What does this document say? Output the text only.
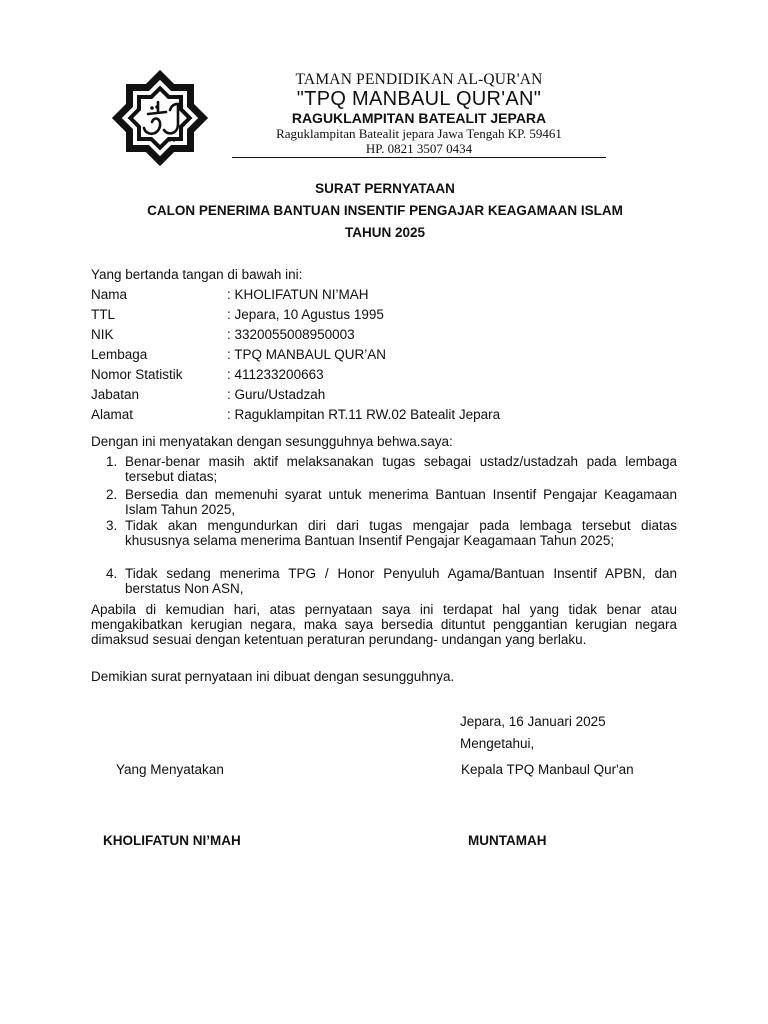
TAMAN PENDIDIKAN AL-QUR'AN
"TPQ MANBAUL QUR'AN"
RAGUKLAMPITAN BATEALIT JEPARA
Raguklampitan Batealit jepara Jawa Tengah KP. 59461
HP. 0821 3507 0434
SURAT PERNYATAAN
CALON PENERIMA BANTUAN INSENTIF PENGAJAR KEAGAMAAN ISLAM
TAHUN 2025
Yang bertanda tangan di bawah ini:
Nama	: KHOLIFATUN NI’MAH
TTL	: Jepara, 10 Agustus 1995
NIK	: 3320055008950003
Lembaga	: TPQ MANBAUL QUR’AN
Nomor Statistik	: 411233200663
Jabatan	: Guru/Ustadzah
Alamat	: Raguklampitan RT.11 RW.02 Batealit Jepara
Dengan ini menyatakan dengan sesungguhnya behwa.saya:
1. Benar-benar masih aktif melaksanakan tugas sebagai ustadz/ustadzah pada lembaga tersebut diatas;
2. Bersedia dan memenuhi syarat untuk menerima Bantuan Insentif Pengajar Keagamaan Islam Tahun 2025,
3. Tidak akan mengundurkan diri dari tugas mengajar pada lembaga tersebut diatas khususnya selama menerima Bantuan Insentif Pengajar Keagamaan Tahun 2025;
4. Tidak sedang menerima TPG / Honor Penyuluh Agama/Bantuan Insentif APBN, dan berstatus Non ASN,
Apabila di kemudian hari, atas pernyataan saya ini terdapat hal yang tidak benar atau mengakibatkan kerugian negara, maka saya bersedia dituntut penggantian kerugian negara dimaksud sesuai dengan ketentuan peraturan perundang- undangan yang berlaku.
Demikian surat pernyataan ini dibuat dengan sesungguhnya.
Jepara, 16 Januari 2025
Mengetahui,
Yang Menyatakan	Kepala TPQ Manbaul Qur'an
KHOLIFATUN NI’MAH	MUNTAMAH
